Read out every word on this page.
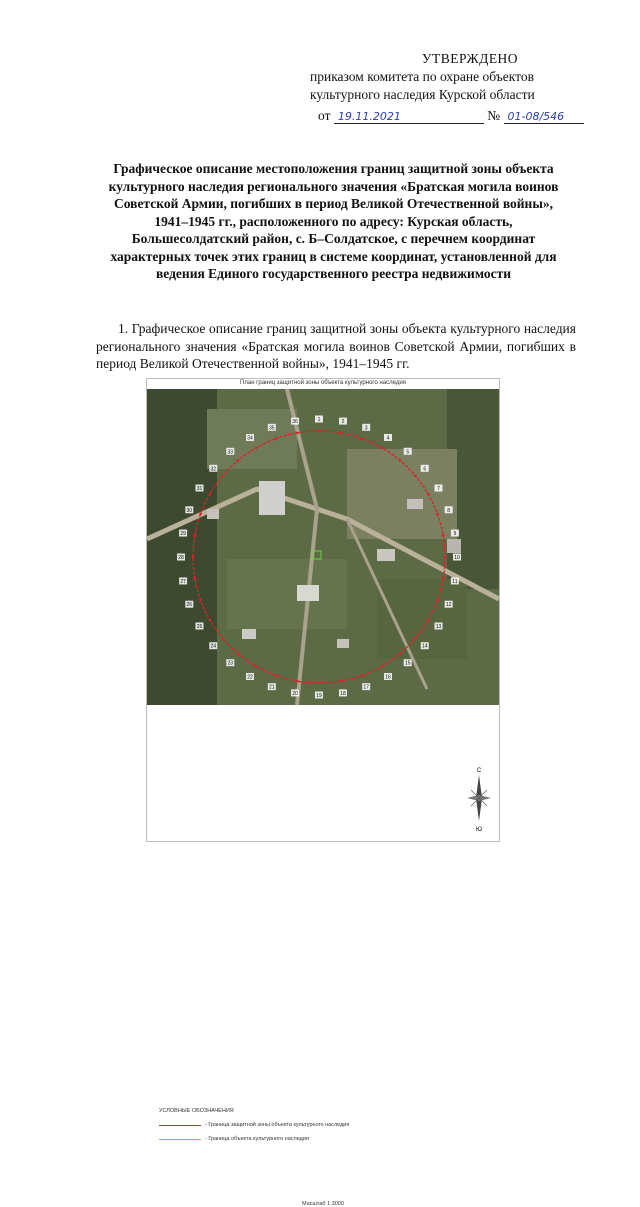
УТВЕРЖДЕНО
приказом комитета по охране объектов
культурного наследия Курской области
от 19.11.2021	№ 01-08/546
Графическое описание местоположения границ защитной зоны объекта культурного наследия регионального значения «Братская могила воинов Советской Армии, погибших в период Великой Отечественной войны», 1941–1945 гг., расположенного по адресу: Курская область, Большесолдатский район, с. Б–Солдатское, с перечнем координат характерных точек этих границ в системе координат, установленной для ведения Единого государственного реестра недвижимости
1. Графическое описание границ защитной зоны объекта культурного наследия регионального значения «Братская могила воинов Советской Армии, погибших в период Великой Отечественной войны», 1941–1945 гг.
План границ защитной зоны объекта культурного наследия
1	2
3
4
5
6
7
8
9
10
11
12
13
14
15
16
17
18
19
20
21
22
23
24
25
26
27
28
29
30
31
32
33
34
35
36
С
Ю
УСЛОВНЫЕ ОБОЗНАЧЕНИЯ
- Граница защитной зоны объекта культурного наследия
- Граница объекта культурного наследия
Масштаб 1:3000
